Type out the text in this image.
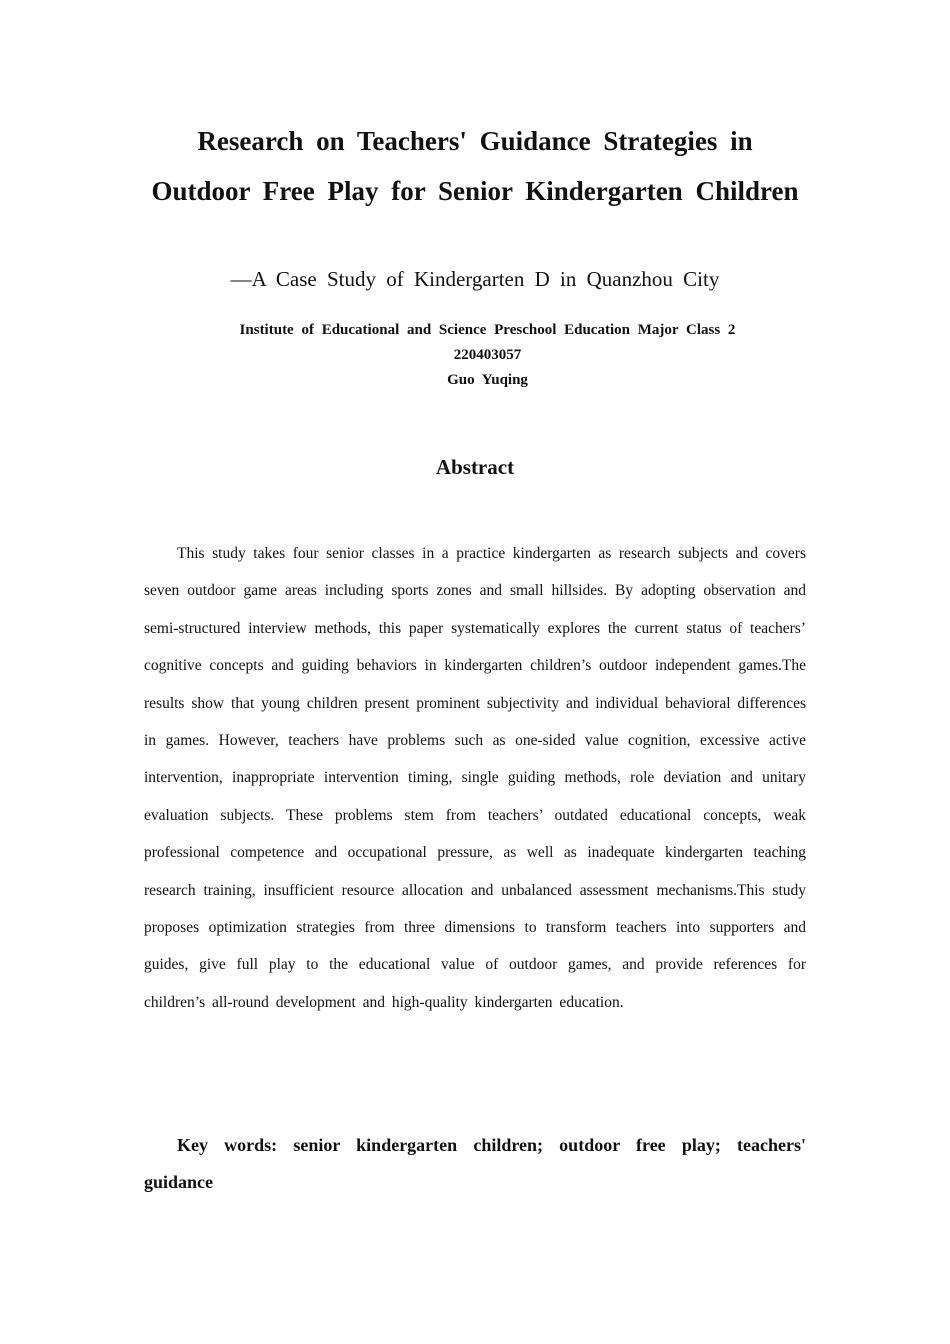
Research on Teachers' Guidance Strategies in Outdoor Free Play for Senior Kindergarten Children

—A Case Study of Kindergarten D in Quanzhou City

Institute of Educational and Science Preschool Education Major Class 2
220403057
Guo Yuqing
Abstract

This study takes four senior classes in a practice kindergarten as research subjects and covers seven outdoor game areas including sports zones and small hillsides. By adopting observation and semi-structured interview methods, this paper systematically explores the current status of teachers’ cognitive concepts and guiding behaviors in kindergarten children’s outdoor independent games.The results show that young children present prominent subjectivity and individual behavioral differences in games. However, teachers have problems such as one-sided value cognition, excessive active intervention, inappropriate intervention timing, single guiding methods, role deviation and unitary evaluation subjects. These problems stem from teachers’ outdated educational concepts, weak professional competence and occupational pressure, as well as inadequate kindergarten teaching research training, insufficient resource allocation and unbalanced assessment mechanisms.This study proposes optimization strategies from three dimensions to transform teachers into supporters and guides, give full play to the educational value of outdoor games, and provide references for children’s all-round development and high-quality kindergarten education.

Key words: senior kindergarten children; outdoor free play; teachers' guidance
